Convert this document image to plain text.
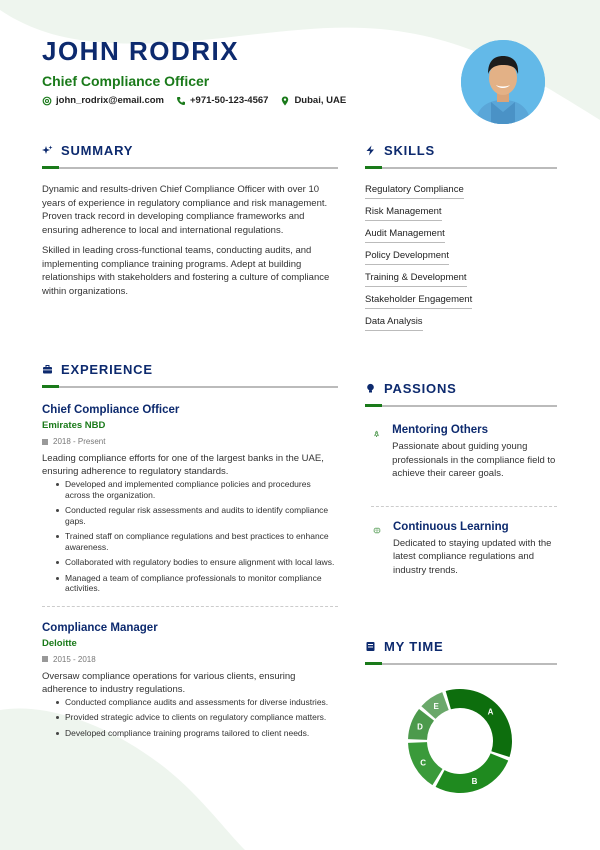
JOHN RODRIX
Chief Compliance Officer
john_rodrix@email.com	+971-50-123-4567	Dubai, UAE
SUMMARY

Dynamic and results-driven Chief Compliance Officer with over 10 years of experience in regulatory compliance and risk management. Proven track record in developing compliance frameworks and ensuring adherence to local and international regulations.

Skilled in leading cross-functional teams, conducting audits, and implementing compliance training programs. Adept at building relationships with stakeholders and fostering a culture of compliance within organizations.

SKILLS
Regulatory Compliance
Risk Management
Audit Management
Policy Development
Training & Development
Stakeholder Engagement
Data Analysis
EXPERIENCE
Chief Compliance Officer
Emirates NBD
2018 - Present

Leading compliance efforts for one of the largest banks in the UAE, ensuring adherence to regulatory standards.

Developed and implemented compliance policies and procedures across the organization.
Conducted regular risk assessments and audits to identify compliance gaps.
Trained staff on compliance regulations and best practices to enhance awareness.
Collaborated with regulatory bodies to ensure alignment with local laws.
Managed a team of compliance professionals to monitor compliance activities.
Compliance Manager
Deloitte
2015 - 2018

Oversaw compliance operations for various clients, ensuring adherence to industry regulations.

Conducted compliance audits and assessments for diverse industries.
Provided strategic advice to clients on regulatory compliance matters.
Developed compliance training programs tailored to client needs.
PASSIONS
Mentoring Others
Passionate about guiding young professionals in the compliance field to achieve their career goals.
Continuous Learning
Dedicated to staying updated with the latest compliance regulations and industry trends.
MY TIME
A
B
C
D
E
